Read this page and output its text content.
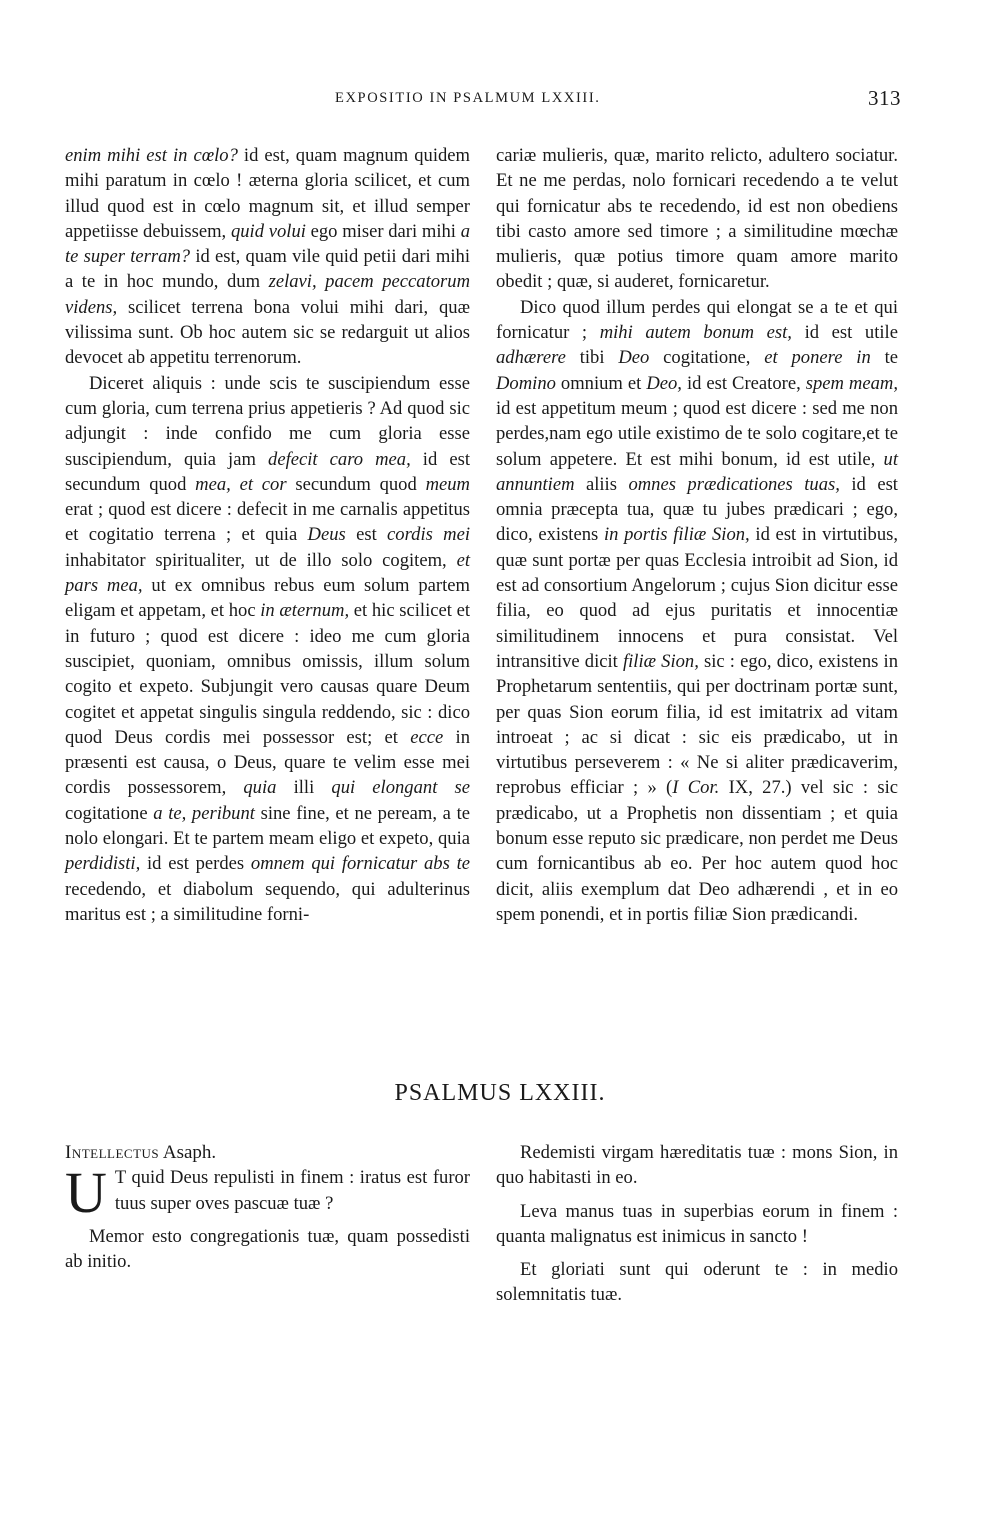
EXPOSITIO IN PSALMUM LXXIII.	313

enim mihi est in cœlo? id est, quam magnum quidem mihi paratum in cœlo ! æterna gloria scilicet, et cum illud quod est in cœlo magnum sit, et illud semper appetiisse debuissem, quid volui ego miser dari mihi a te super terram? id est, quam vile quid petii dari mihi a te in hoc mundo, dum zelavi, pacem peccatorum videns, scilicet terrena bona volui mihi dari, quæ vilissima sunt. Ob hoc autem sic se redarguit ut alios devocet ab appetitu terrenorum.

Diceret aliquis : unde scis te suscipiendum esse cum gloria, cum terrena prius appetieris ? Ad quod sic adjungit : inde confido me cum gloria esse suscipiendum, quia jam defecit caro mea, id est secundum quod mea, et cor secundum quod meum erat ; quod est dicere : defecit in me carnalis appetitus et cogitatio terrena ; et quia Deus est cordis mei inhabitator spiritualiter, ut de illo solo cogitem, et pars mea, ut ex omnibus rebus eum solum partem eligam et appetam, et hoc in æternum, et hic scilicet et in futuro ; quod est dicere : ideo me cum gloria suscipiet, quoniam, omnibus omissis, illum solum cogito et expeto. Subjungit vero causas quare Deum cogitet et appetat singulis singula reddendo, sic : dico quod Deus cordis mei possessor est; et ecce in præsenti est causa, o Deus, quare te velim esse mei cordis possessorem, quia illi qui elongant se cogitatione a te, peribunt sine fine, et ne peream, a te nolo elongari. Et te partem meam eligo et expeto, quia perdidisti, id est perdes omnem qui fornicatur abs te recedendo, et diabolum sequendo, qui adulterinus maritus est ; a similitudine forni-

cariæ mulieris, quæ, marito relicto, adultero sociatur. Et ne me perdas, nolo fornicari recedendo a te velut qui fornicatur abs te recedendo, id est non obediens tibi casto amore sed timore ; a similitudine mœchæ mulieris, quæ potius timore quam amore marito obedit ; quæ, si auderet, fornicaretur.

Dico quod illum perdes qui elongat se a te et qui fornicatur ; mihi autem bonum est, id est utile adhærere tibi Deo cogitatione, et ponere in te Domino omnium et Deo, id est Creatore, spem meam, id est appetitum meum ; quod est dicere : sed me non perdes,nam ego utile existimo de te solo cogitare,et te solum appetere. Et est mihi bonum, id est utile, ut annuntiem aliis omnes prædicationes tuas, id est omnia præcepta tua, quæ tu jubes prædicari ; ego, dico, existens in portis filiæ Sion, id est in virtutibus, quæ sunt portæ per quas Ecclesia introibit ad Sion, id est ad consortium Angelorum ; cujus Sion dicitur esse filia, eo quod ad ejus puritatis et innocentiæ similitudinem innocens et pura consistat. Vel intransitive dicit filiæ Sion, sic : ego, dico, existens in Prophetarum sententiis, qui per doctrinam portæ sunt, per quas Sion eorum filia, id est imitatrix ad vitam introeat ; ac si dicat : sic eis prædicabo, ut in virtutibus perseverem : « Ne si aliter prædicaverim, reprobus efficiar ; » (I Cor. IX, 27.) vel sic : sic prædicabo, ut a Prophetis non dissentiam ; et quia bonum esse reputo sic prædicare, non perdet me Deus cum fornicantibus ab eo. Per hoc autem quod hoc dicit, aliis exemplum dat Deo adhærendi , et in eo spem ponendi, et in portis filiæ Sion prædicandi.

PSALMUS LXXIII.

Intellectus Asaph.

U T quid Deus repulisti in finem : iratus est furor tuus super oves pascuæ tuæ ?

Memor esto congregationis tuæ, quam possedisti ab initio.

Redemisti virgam hæreditatis tuæ : mons Sion, in quo habitasti in eo.

Leva manus tuas in superbias eorum in finem : quanta malignatus est inimicus in sancto !

Et gloriati sunt qui oderunt te : in medio solemnitatis tuæ.
